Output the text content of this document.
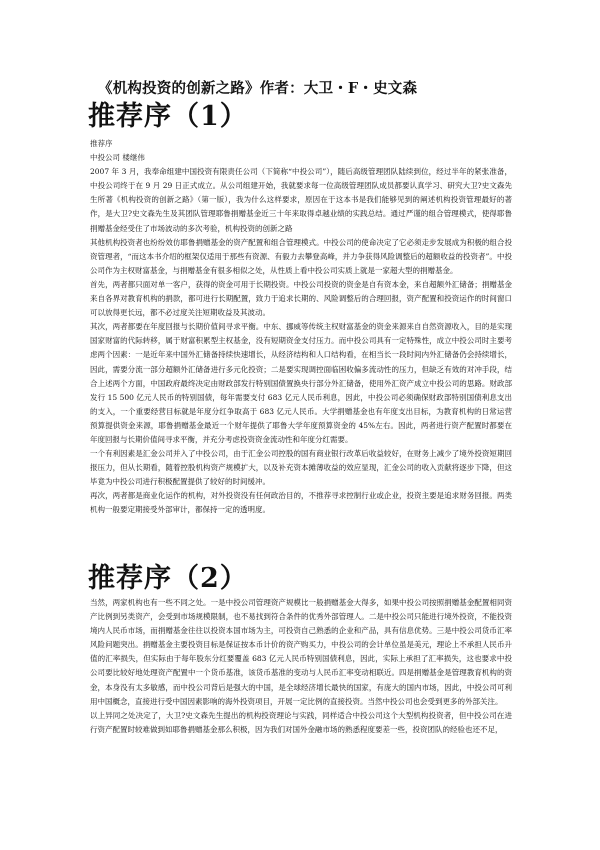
《机构投资的创新之路》作者：大卫・F・史文森
推荐序（1）

推荐序

中投公司 楼继伟

2007 年 3 月，我奉命组建中国投资有限责任公司（下简称“中投公司”），随后高级管理团队陆续到位，经过半年的紧张准备，中投公司终于在 9 月 29 日正式成立。从公司组建开始，我就要求每一位高级管理团队成员都要认真学习、研究大卫?史文森先生所著《机构投资的创新之路》（第一版），我为什么这样要求，原因在于这本书是我们能够见到的阐述机构投资管理最好的著作，是大卫?史文森先生及其团队管理耶鲁捐赠基金近三十年来取得卓越业绩的实践总结。通过严谨的组合管理模式，使得耶鲁捐赠基金经受住了市场波动的多次考验，机构投资的创新之路

其他机构投资者也纷纷效仿耶鲁捐赠基金的资产配置和组合管理模式。中投公司的使命决定了它必须走步发展成为积极的组合投资管理者，“而这本书介绍的框架仅适用于那些有资源、有毅力去攀登高峰，并力争获得风险调整后的超额收益的投资者”。中投公司作为主权财富基金，与捐赠基金有很多相似之处，从性质上看中投公司实质上就是一家超大型的捐赠基金。

首先，两者都只面对单一客户，获得的资金可用于长期投资。中投公司投资的资金是自有资本金，来自超额外汇储备；捐赠基金来自各界对教育机构的捐款，都可进行长期配置，致力于追求长期的、风险调整后的合理回报，资产配置和投资运作的时间窗口可以放得更长远，都不必过度关注短期收益及其波动。

其次，两者都要在年度回报与长期价值间寻求平衡。中东、挪威等传统主权财富基金的资金来源来自自然资源收入，目的是实现国家财富的代际转移，属于财富积累型主权基金，没有短期资金支付压力。而中投公司具有一定特殊性，成立中投公司时主要考虑两个因素：一是近年来中国外汇储备持续快速增长，从经济结构和人口结构看，在相当长一段时间内外汇储备仍会持续增长，因此，需要分流一部分超额外汇储备进行多元化投资；二是要实现调控面临困收偏多流动性的压力，但缺乏有效的对冲手段，结合上述两个方面，中国政府最终决定由财政部发行特别国债置换央行部分外汇储备，使用外汇资产成立中投公司的思路。财政部发行 15 500 亿元人民币的特别国债，每年需要支付 683 亿元人民币利息，因此，中投公司必须确保财政部特别国债利息支出的支入，一个重要经营目标就是年度分红争取高于 683 亿元人民币。大学捐赠基金也有年度支出目标，为教育机构的日常运营预算提供资金来源，耶鲁捐赠基金最近一个财年提供了耶鲁大学年度预算资金的 45%左右。因此，两者进行资产配置时都要在年度回报与长期价值间寻求平衡，并充分考虑投资资金流动性和年度分红需要。

一个有利因素是汇金公司并入了中投公司，由于汇金公司控股的国有商业银行改革后收益较好，在财务上减少了境外投资短期回报压力，但从长期看，随着控股机构资产规模扩大，以及补充资本摊薄收益的效应显现，汇金公司的收入贡献将逐步下降，但这毕竟为中投公司进行积极配置提供了较好的时间缓冲。

再次，两者都是商业化运作的机构，对外投资没有任何政治目的，不推荐寻求控制行业或企业，投资主要是追求财务回报。两类机构一般要定期接受外部审计，都保持一定的透明度。

推荐序（2）

当然，两家机构也有一些不同之处。一是中投公司管理资产规模比一般捐赠基金大得多，如果中投公司按照捐赠基金配置相同资产比例到另类资产，会受到市场规模限制，也不易找到符合条件的优秀外部管理人。二是中投公司只能进行境外投资，不能投资境内人民币市场，而捐赠基金往往以投资本国市场为主，可投资自己熟悉的企业和产品，具有信息优势。三是中投公司货币汇率风险问题突出。捐赠基金主要投资目标是保证按本币计价的资产购买力，中投公司的会计单位虽是美元，理论上不承担人民币升值的汇率损失，但实际由于每年股东分红要覆盖 683 亿元人民币特别国债利息，因此，实际上承担了汇率损失，这也要求中投公司要比较好地处理资产配置中一个货币基准，该货币基准的变动与人民币汇率变动相联近。四是捐赠基金是管理教育机构的资金，本身没有太多敏感，而中投公司背后是强大的中国，是全球经济增长最快的国家，有庞大的国内市场，因此，中投公司可利用中国概念，直接进行受中国因素影响的海外投资项目，开展一定比例的直接投资。当然中投公司也会受到更多的外部关注。

以上异同之处决定了，大卫?史文森先生提出的机构投资理论与实践，同样适合中投公司这个大型机构投资者，但中投公司在进行资产配置时较难做到如耶鲁捐赠基金那么积极，因为我们对国外金融市场的熟悉程度要差一些，投资团队的经验也还不足，
